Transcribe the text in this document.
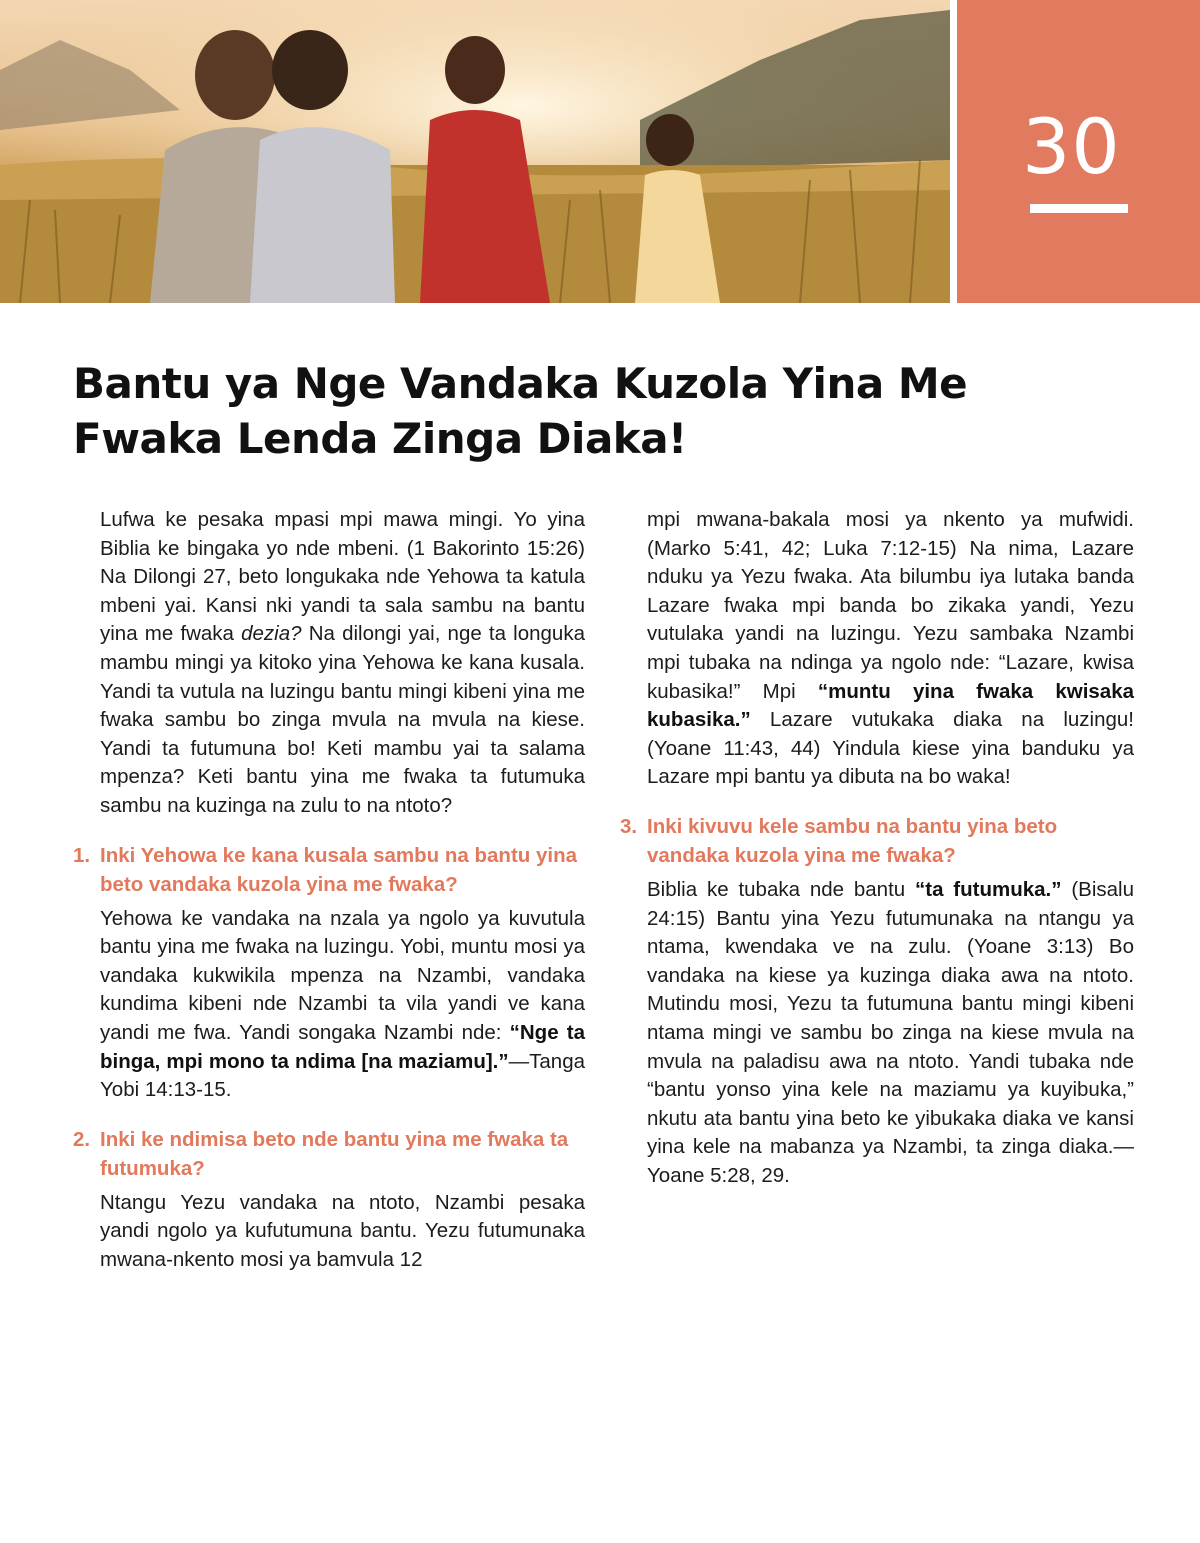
30
Bantu ya Nge Vandaka Kuzola Yina Me Fwaka Lenda Zinga Diaka!

Lufwa ke pesaka mpasi mpi mawa mingi. Yo yina Biblia ke bingaka yo nde mbeni. (1 Bakorinto 15:26) Na Dilongi 27, beto longukaka nde Yehowa ta katula mbeni yai. Kansi nki yandi ta sala sambu na bantu yina me fwaka dezia? Na dilongi yai, nge ta longuka mambu mingi ya kitoko yina Yehowa ke kana kusala. Yandi ta vutula na luzingu bantu mingi kibeni yina me fwaka sambu bo zinga mvula na mvula na kiese. Yandi ta futumuna bo! Keti mambu yai ta salama mpenza? Keti bantu yina me fwaka ta futumuka sambu na kuzinga na zulu to na ntoto?

1. Inki Yehowa ke kana kusala sambu na bantu yina beto vandaka kuzola yina me fwaka?

Yehowa ke vandaka na nzala ya ngolo ya kuvutula bantu yina me fwaka na luzingu. Yobi, muntu mosi ya vandaka kukwikila mpenza na Nzambi, vandaka kundima kibeni nde Nzambi ta vila yandi ve kana yandi me fwa. Yandi songaka Nzambi nde: “Nge ta binga, mpi mono ta ndima [na maziamu].”—Tanga Yobi 14:13-15.

2. Inki ke ndimisa beto nde bantu yina me fwaka ta futumuka?

Ntangu Yezu vandaka na ntoto, Nzambi pesaka yandi ngolo ya kufutumuna bantu. Yezu futumunaka mwana-nkento mosi ya bamvula 12

mpi mwana-bakala mosi ya nkento ya mufwidi. (Marko 5:41, 42; Luka 7:12-15) Na nima, Lazare nduku ya Yezu fwaka. Ata bilumbu iya lutaka banda Lazare fwaka mpi banda bo zikaka yandi, Yezu vutulaka yandi na luzingu. Yezu sambaka Nzambi mpi tubaka na ndinga ya ngolo nde: “Lazare, kwisa kubasika!” Mpi “muntu yina fwaka kwisaka kubasika.” Lazare vutukaka diaka na luzingu! (Yoane 11:43, 44) Yindula kiese yina banduku ya Lazare mpi bantu ya dibuta na bo waka!

3. Inki kivuvu kele sambu na bantu yina beto vandaka kuzola yina me fwaka?

Biblia ke tubaka nde bantu “ta futumuka.” (Bisalu 24:15) Bantu yina Yezu futumunaka na ntangu ya ntama, kwendaka ve na zulu. (Yoane 3:13) Bo vandaka na kiese ya kuzinga diaka awa na ntoto. Mutindu mosi, Yezu ta futumuna bantu mingi kibeni ntama mingi ve sambu bo zinga na kiese mvula na mvula na paladisu awa na ntoto. Yandi tubaka nde “bantu yonso yina kele na maziamu ya kuyibuka,” nkutu ata bantu yina beto ke yibukaka diaka ve kansi yina kele na mabanza ya Nzambi, ta zinga diaka.—Yoane 5:28, 29.
